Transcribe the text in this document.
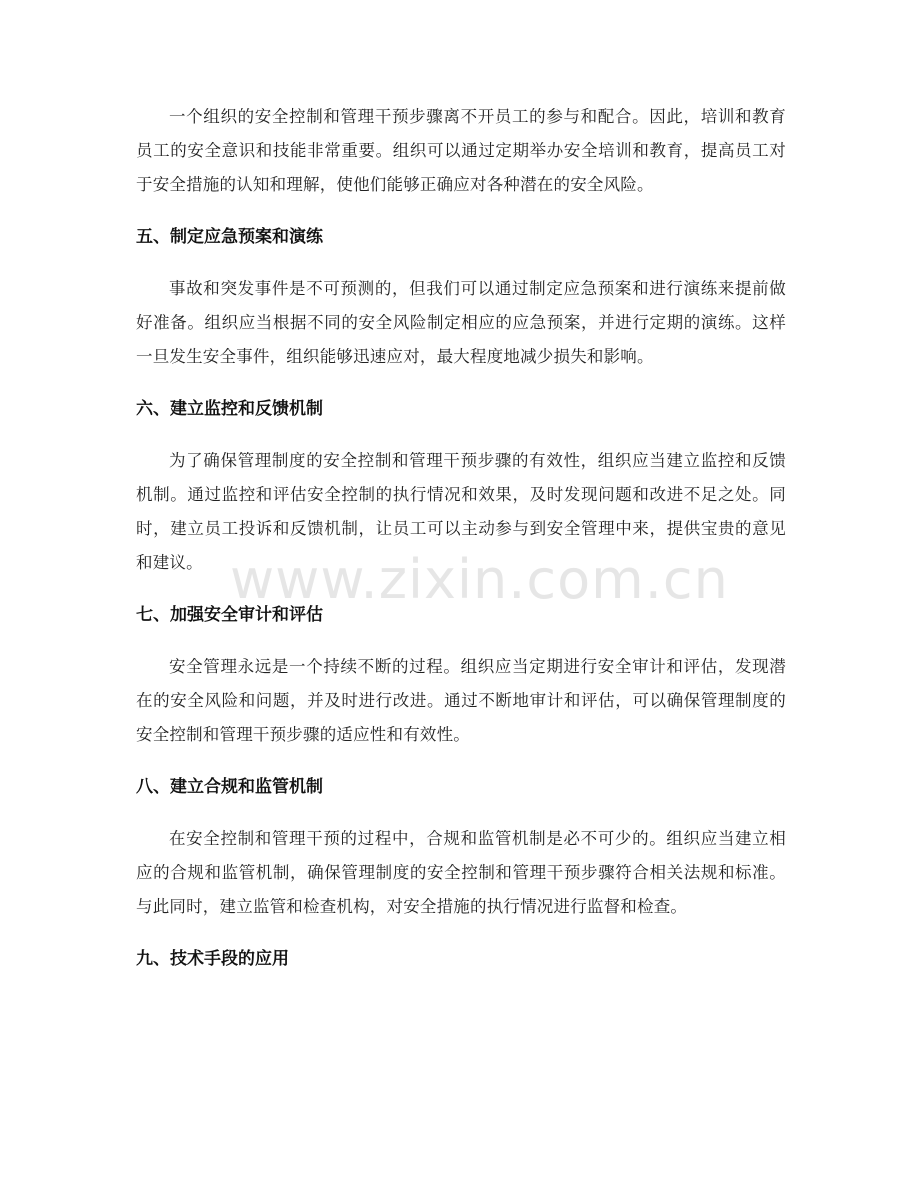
一个组织的安全控制和管理干预步骤离不开员工的参与和配合。因此，培训和教育员工的安全意识和技能非常重要。组织可以通过定期举办安全培训和教育，提高员工对于安全措施的认知和理解，使他们能够正确应对各种潜在的安全风险。

五、制定应急预案和演练

事故和突发事件是不可预测的，但我们可以通过制定应急预案和进行演练来提前做好准备。组织应当根据不同的安全风险制定相应的应急预案，并进行定期的演练。这样一旦发生安全事件，组织能够迅速应对，最大程度地减少损失和影响。

六、建立监控和反馈机制

为了确保管理制度的安全控制和管理干预步骤的有效性，组织应当建立监控和反馈机制。通过监控和评估安全控制的执行情况和效果，及时发现问题和改进不足之处。同时，建立员工投诉和反馈机制，让员工可以主动参与到安全管理中来，提供宝贵的意见和建议。

七、加强安全审计和评估

安全管理永远是一个持续不断的过程。组织应当定期进行安全审计和评估，发现潜在的安全风险和问题，并及时进行改进。通过不断地审计和评估，可以确保管理制度的安全控制和管理干预步骤的适应性和有效性。

八、建立合规和监管机制

在安全控制和管理干预的过程中，合规和监管机制是必不可少的。组织应当建立相应的合规和监管机制，确保管理制度的安全控制和管理干预步骤符合相关法规和标准。与此同时，建立监管和检查机构，对安全措施的执行情况进行监督和检查。

九、技术手段的应用
www.zixin.com.cn
